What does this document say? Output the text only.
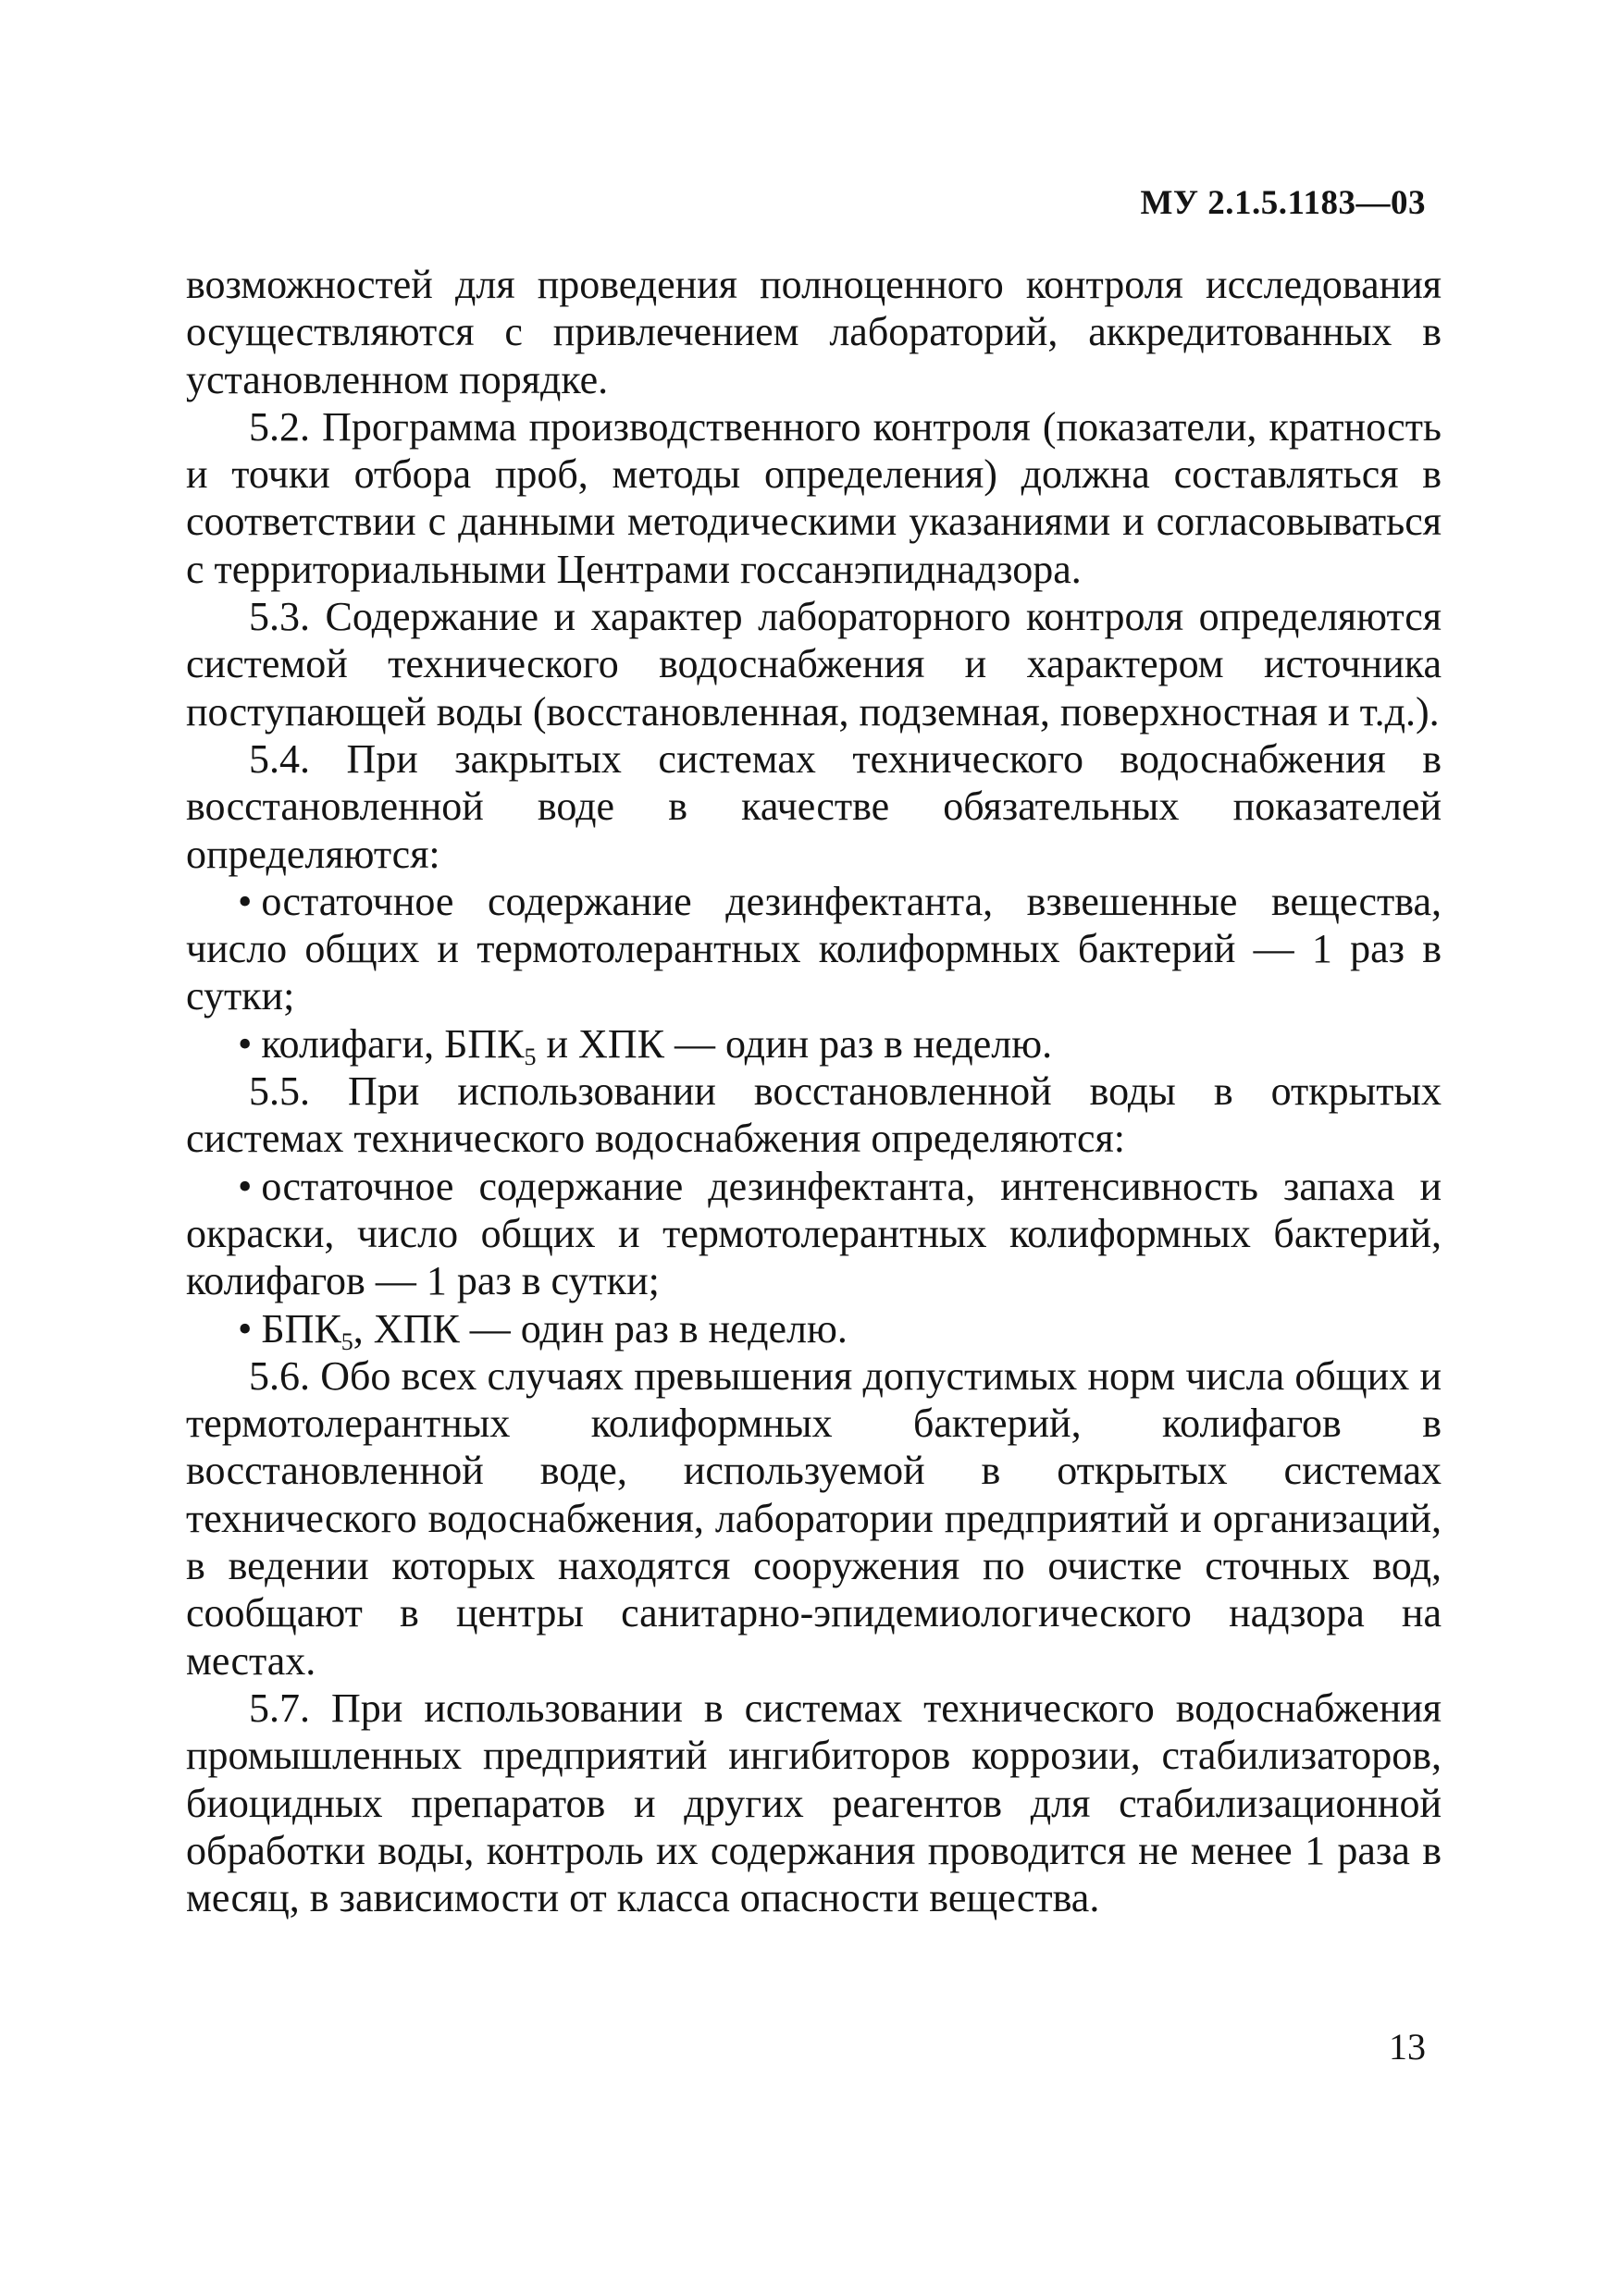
МУ 2.1.5.1183—03

возможностей для проведения полноценного контроля исследования осуществляются с привлечением лабораторий, аккредитованных в установленном порядке.

5.2. Программа производственного контроля (показатели, кратность и точки отбора проб, методы определения) должна составляться в соответствии с данными методическими указаниями и согласовываться с территориальными Центрами госсанэпиднадзора.

5.3. Содержание и характер лабораторного контроля определяются системой технического водоснабжения и характером источника поступающей воды (восстановленная, подземная, поверхностная и т.д.).

5.4. При закрытых системах технического водоснабжения в восстановленной воде в качестве обязательных показателей определяются:

• остаточное содержание дезинфектанта, взвешенные вещества, число общих и термотолерантных колиформных бактерий — 1 раз в сутки;

• колифаги, $БПК_5$ и ХПК — один раз в неделю.

5.5. При использовании восстановленной воды в открытых системах технического водоснабжения определяются:

• остаточное содержание дезинфектанта, интенсивность запаха и окраски, число общих и термотолерантных колиформных бактерий, колифагов — 1 раз в сутки;

• $БПК_5$, ХПК — один раз в неделю.

5.6. Обо всех случаях превышения допустимых норм числа общих и термотолерантных колиформных бактерий, колифагов в восстановленной воде, используемой в открытых системах технического водоснабжения, лаборатории предприятий и организаций, в ведении которых находятся сооружения по очистке сточных вод, сообщают в центры санитарно-эпидемиологического надзора на местах.

5.7. При использовании в системах технического водоснабжения промышленных предприятий ингибиторов коррозии, стабилизаторов, биоцидных препаратов и других реагентов для стабилизационной обработки воды, контроль их содержания проводится не менее 1 раза в месяц, в зависимости от класса опасности вещества.

13
